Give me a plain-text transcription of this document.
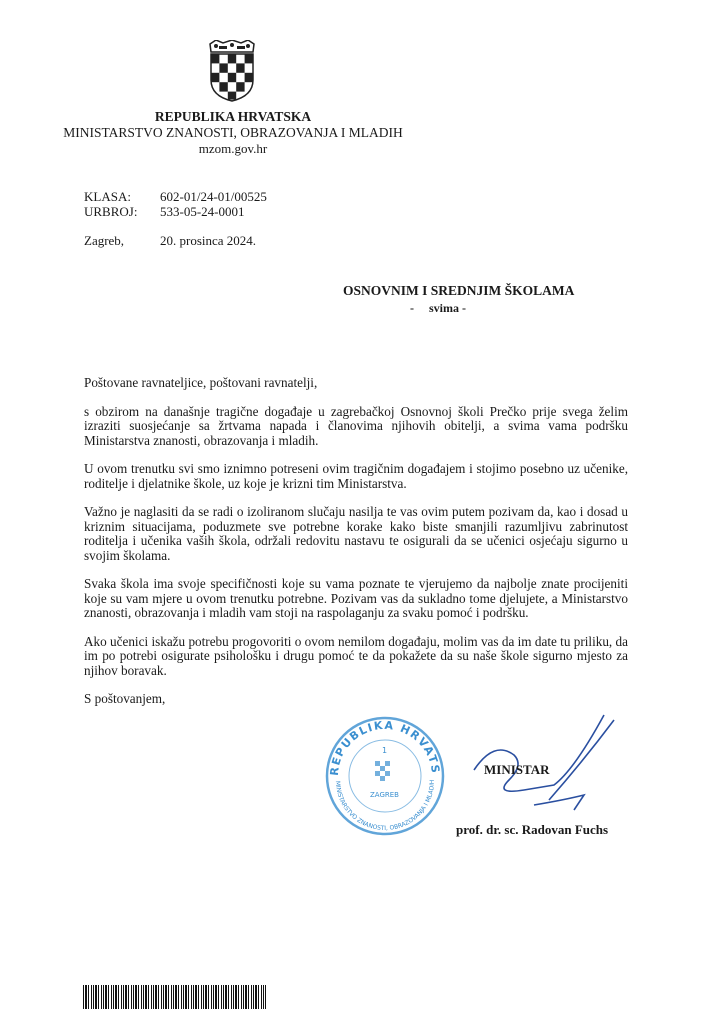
REPUBLIKA HRVATSKA
MINISTARSTVO ZNANOSTI, OBRAZOVANJA I MLADIH
mzom.gov.hr
KLASA: 602-01/24-01/00525
URBROJ: 533-05-24-0001
Zagreb,	20. prosinca 2024.
OSNOVNIM I SREDNJIM ŠKOLAMA
-     svima -

Poštovane ravnateljice, poštovani ravnatelji,

s obzirom na današnje tragične događaje u zagrebačkoj Osnovnoj školi Prečko prije svega želim izraziti suosjećanje sa žrtvama napada i članovima njihovih obitelji, a svima vama podršku Ministarstva znanosti, obrazovanja i mladih.

U ovom trenutku svi smo iznimno potreseni ovim tragičnim događajem i stojimo posebno uz učenike, roditelje i djelatnike škole, uz koje je krizni tim Ministarstva.

Važno je naglasiti da se radi o izoliranom slučaju nasilja te vas ovim putem pozivam da, kao i dosad u kriznim situacijama, poduzmete sve potrebne korake kako biste smanjili razumljivu zabrinutost roditelja i učenika vaših škola, održali redovitu nastavu te osigurali da se učenici osjećaju sigurno u svojim školama.

Svaka škola ima svoje specifičnosti koje su vama poznate te vjerujemo da najbolje znate procijeniti koje su vam mjere u ovom trenutku potrebne. Pozivam vas da sukladno tome djelujete, a Ministarstvo znanosti, obrazovanja i mladih vam stoji na raspolaganju za svaku pomoć i podršku.

Ako učenici iskažu potrebu progovoriti o ovom nemilom događaju, molim vas da im date tu priliku, da im po potrebi osigurate psihološku i drugu pomoć te da pokažete da su naše škole sigurno mjesto za njihov boravak.

S poštovanjem,

REPUBLIKA HRVATS
MINISTARSTVO ZNANOSTI, OBRAZOVANJA I MLADIH
1
ZAGREB
MINISTAR
prof. dr. sc. Radovan Fuchs
